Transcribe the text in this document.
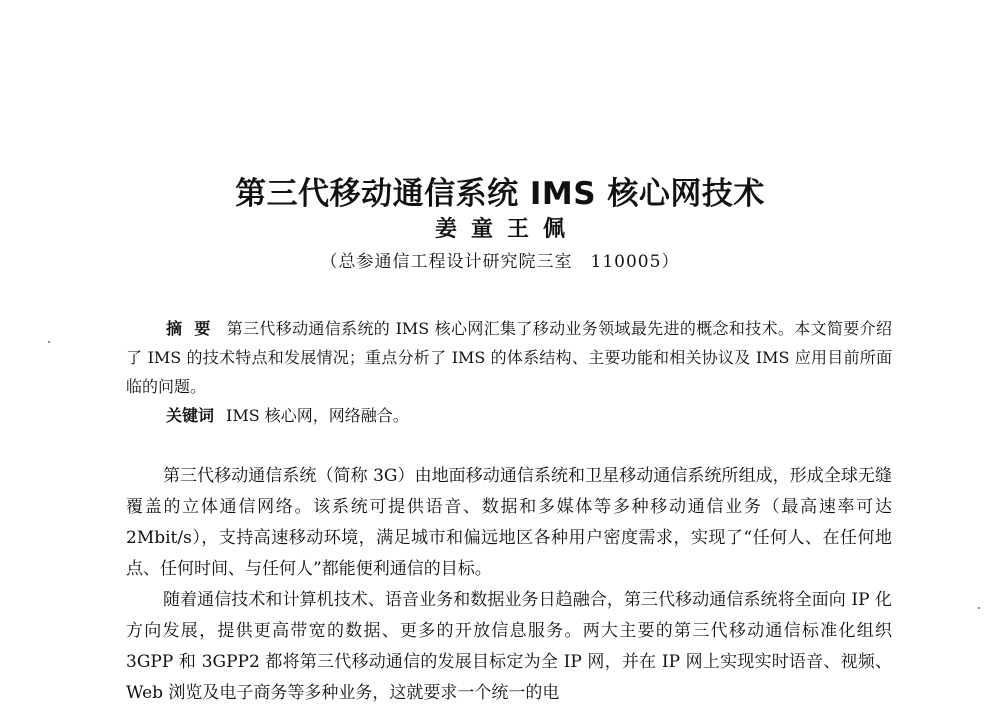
第三代移动通信系统 IMS 核心网技术
姜童王佩
（总参通信工程设计研究院三室　110005）

摘要 第三代移动通信系统的 IMS 核心网汇集了移动业务领域最先进的概念和技术。本文简要介绍了 IMS 的技术特点和发展情况；重点分析了 IMS 的体系结构、主要功能和相关协议及 IMS 应用目前所面临的问题。

关键词 IMS 核心网，网络融合。

第三代移动通信系统（简称 3G）由地面移动通信系统和卫星移动通信系统所组成，形成全球无缝覆盖的立体通信网络。该系统可提供语音、数据和多媒体等多种移动通信业务（最高速率可达 2Mbit/s），支持高速移动环境，满足城市和偏远地区各种用户密度需求，实现了“任何人、在任何地点、任何时间、与任何人”都能便利通信的目标。

随着通信技术和计算机技术、语音业务和数据业务日趋融合，第三代移动通信系统将全面向 IP 化方向发展，提供更高带宽的数据、更多的开放信息服务。两大主要的第三代移动通信标准化组织 3GPP 和 3GPP2 都将第三代移动通信的发展目标定为全 IP 网，并在 IP 网上实现实时语音、视频、Web 浏览及电子商务等多种业务，这就要求一个统一的电
